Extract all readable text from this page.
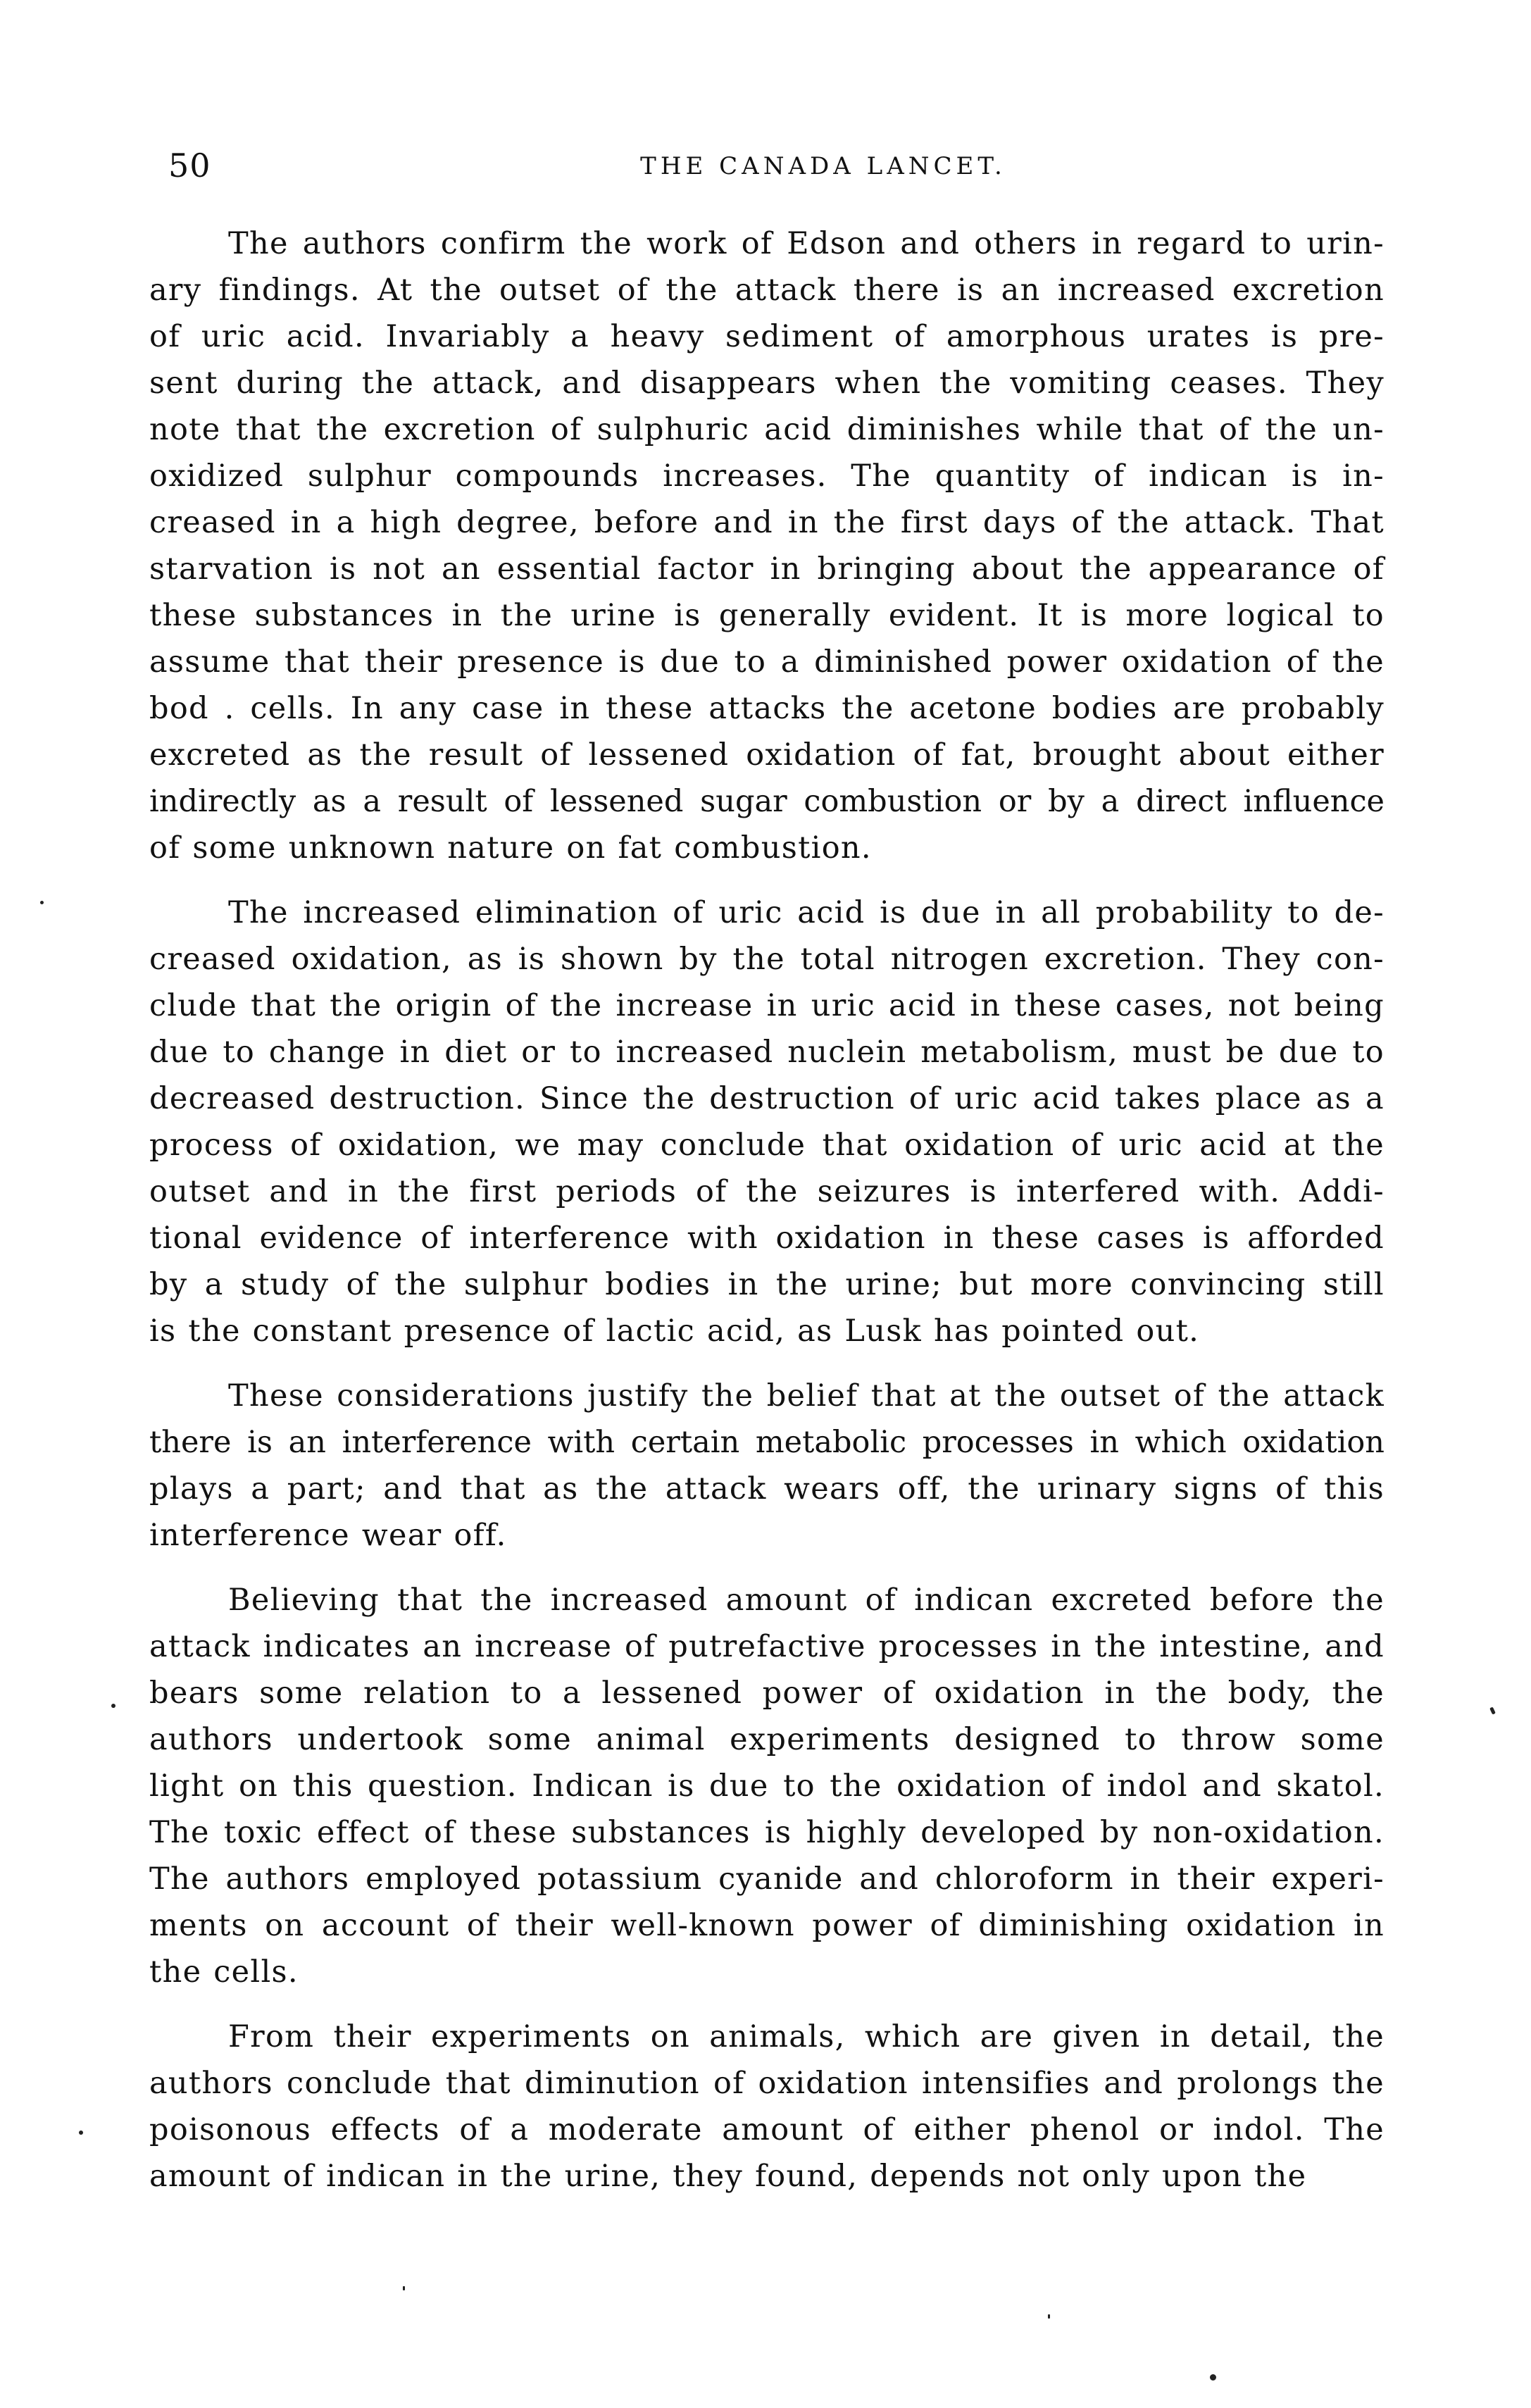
50	THE CANADA LANCET.
The authors confirm the work of Edson and others in regard to urin-
ary findings. At the outset of the attack there is an increased excretion
of uric acid. Invariably a heavy sediment of amorphous urates is pre-
sent during the attack, and disappears when the vomiting ceases. They
note that the excretion of sulphuric acid diminishes while that of the un-
oxidized sulphur compounds increases. The quantity of indican is in-
creased in a high degree, before and in the first days of the attack. That
starvation is not an essential factor in bringing about the appearance of
these substances in the urine is generally evident. It is more logical to
assume that their presence is due to a diminished power oxidation of the
bod . cells. In any case in these attacks the acetone bodies are probably
excreted as the result of lessened oxidation of fat, brought about either
indirectly as a result of lessened sugar combustion or by a direct influence
of some unknown nature on fat combustion.
The increased elimination of uric acid is due in all probability to de-
creased oxidation, as is shown by the total nitrogen excretion. They con-
clude that the origin of the increase in uric acid in these cases, not being
due to change in diet or to increased nuclein metabolism, must be due to
decreased destruction. Since the destruction of uric acid takes place as a
process of oxidation, we may conclude that oxidation of uric acid at the
outset and in the first periods of the seizures is interfered with. Addi-
tional evidence of interference with oxidation in these cases is afforded
by a study of the sulphur bodies in the urine; but more convincing still
is the constant presence of lactic acid, as Lusk has pointed out.
These considerations justify the belief that at the outset of the attack
there is an interference with certain metabolic processes in which oxidation
plays a part; and that as the attack wears off, the urinary signs of this
interference wear off.
Believing that the increased amount of indican excreted before the
attack indicates an increase of putrefactive processes in the intestine, and
bears some relation to a lessened power of oxidation in the body, the
authors undertook some animal experiments designed to throw some
light on this question. Indican is due to the oxidation of indol and skatol.
The toxic effect of these substances is highly developed by non-oxidation.
The authors employed potassium cyanide and chloroform in their experi-
ments on account of their well-known power of diminishing oxidation in
the cells.
From their experiments on animals, which are given in detail, the
authors conclude that diminution of oxidation intensifies and prolongs the
poisonous effects of a moderate amount of either phenol or indol. The
amount of indican in the urine, they found, depends not only upon the
